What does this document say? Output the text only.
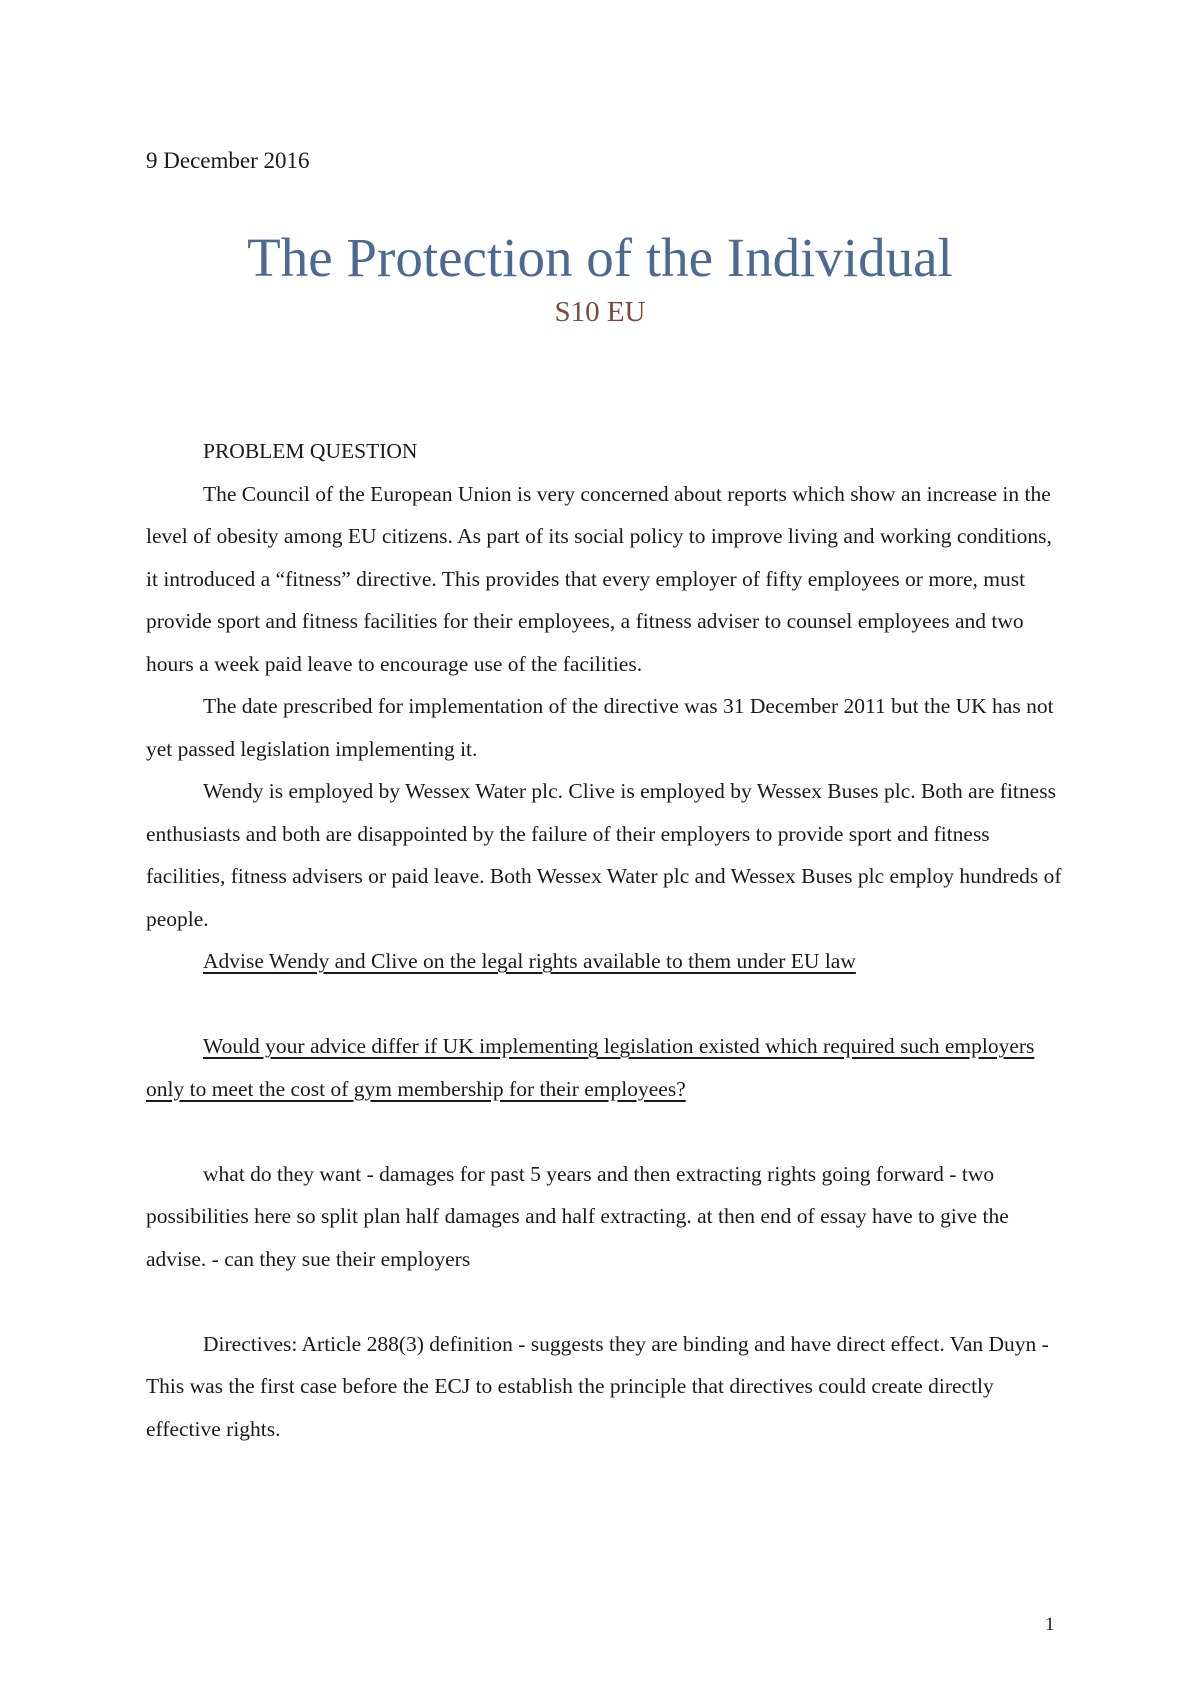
9 December 2016
The Protection of the Individual
S10 EU

PROBLEM QUESTION

The Council of the European Union is very concerned about reports which show an increase in the level of obesity among EU citizens. As part of its social policy to improve living and working conditions, it introduced a “fitness” directive. This provides that every employer of fifty employees or more, must provide sport and fitness facilities for their employees, a fitness adviser to counsel employees and two hours a week paid leave to encourage use of the facilities.

The date prescribed for implementation of the directive was 31 December 2011 but the UK has not yet passed legislation implementing it.

Wendy is employed by Wessex Water plc. Clive is employed by Wessex Buses plc. Both are fitness enthusiasts and both are disappointed by the failure of their employers to provide sport and fitness facilities, fitness advisers or paid leave. Both Wessex Water plc and Wessex Buses plc employ hundreds of people.

Advise Wendy and Clive on the legal rights available to them under EU law

Would your advice differ if UK implementing legislation existed which required such employers only to meet the cost of gym membership for their employees?

what do they want - damages for past 5 years and then extracting rights going forward - two possibilities here so split plan half damages and half extracting. at then end of essay have to give the advise. - can they sue their employers

Directives: Article 288(3) definition - suggests they are binding and have direct effect. Van Duyn - This was the first case before the ECJ to establish the principle that directives could create directly effective rights.

1
